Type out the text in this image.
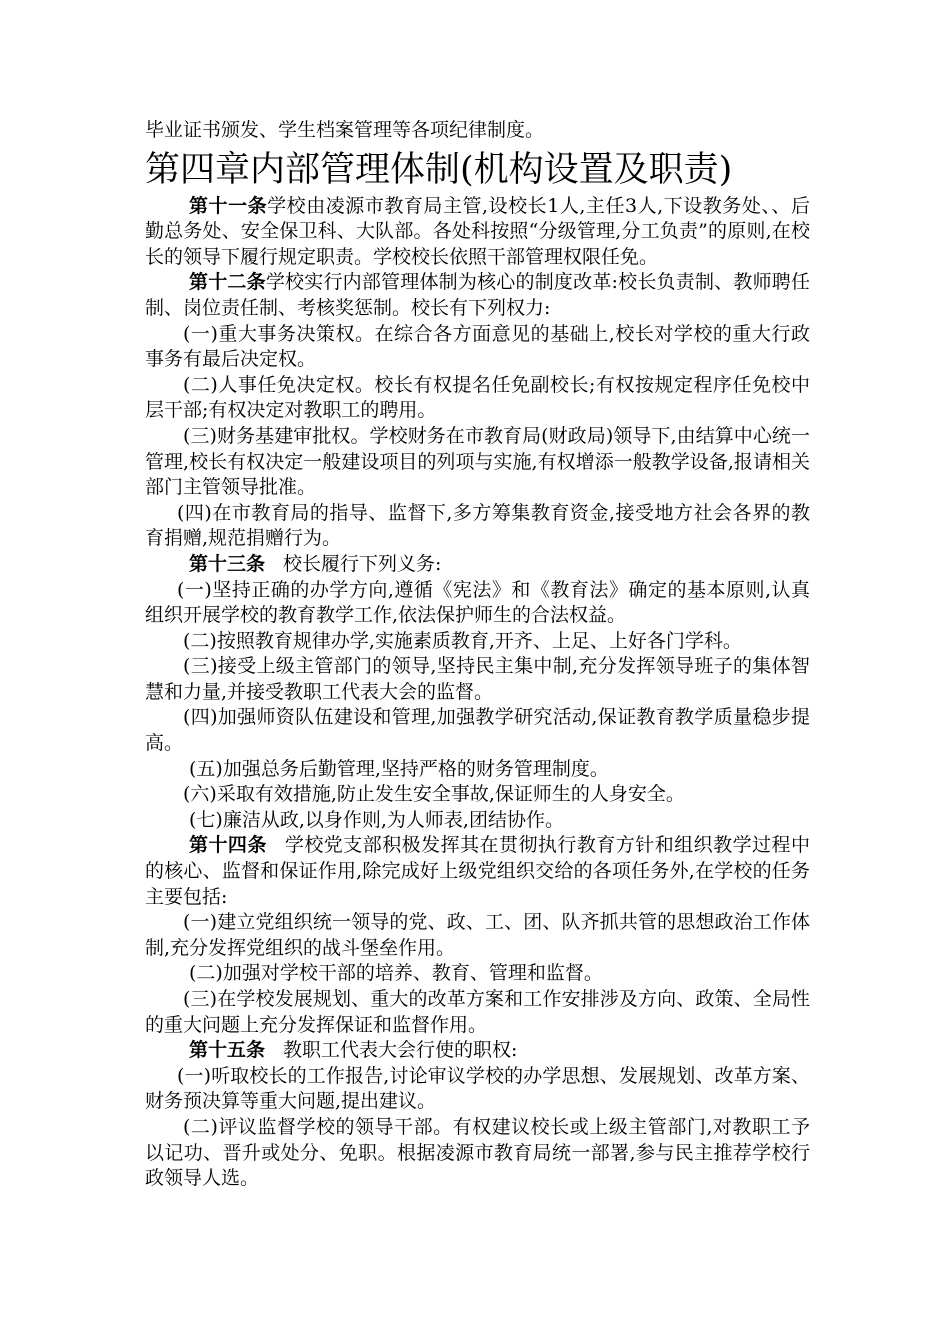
毕业证书颁发、学生档案管理等各项纪律制度。

第四章内部管理体制(机构设置及职责)

第十一条学校由凌源市教育局主管,设校长1人,主任3人,下设教务处、、后勤总务处、安全保卫科、大队部。各处科按照“分级管理,分工负责”的原则,在校长的领导下履行规定职责。学校校长依照干部管理权限任免。

第十二条学校实行内部管理体制为核心的制度改革:校长负责制、教师聘任制、岗位责任制、考核奖惩制。校长有下列权力:

(一)重大事务决策权。在综合各方面意见的基础上,校长对学校的重大行政事务有最后决定权。

(二)人事任免决定权。校长有权提名任免副校长;有权按规定程序任免校中层干部;有权决定对教职工的聘用。

(三)财务基建审批权。学校财务在市教育局(财政局)领导下,由结算中心统一管理,校长有权决定一般建设项目的列项与实施,有权增添一般教学设备,报请相关部门主管领导批准。

(四)在市教育局的指导、监督下,多方筹集教育资金,接受地方社会各界的教育捐赠,规范捐赠行为。

第十三条 校长履行下列义务:

(一)坚持正确的办学方向,遵循《宪法》和《教育法》确定的基本原则,认真组织开展学校的教育教学工作,依法保护师生的合法权益。

(二)按照教育规律办学,实施素质教育,开齐、上足、上好各门学科。

(三)接受上级主管部门的领导,坚持民主集中制,充分发挥领导班子的集体智慧和力量,并接受教职工代表大会的监督。

(四)加强师资队伍建设和管理,加强教学研究活动,保证教育教学质量稳步提高。

(五)加强总务后勤管理,坚持严格的财务管理制度。

(六)采取有效措施,防止发生安全事故,保证师生的人身安全。

(七)廉洁从政,以身作则,为人师表,团结协作。

第十四条 学校党支部积极发挥其在贯彻执行教育方针和组织教学过程中的核心、监督和保证作用,除完成好上级党组织交给的各项任务外,在学校的任务主要包括:

(一)建立党组织统一领导的党、政、工、团、队齐抓共管的思想政治工作体制,充分发挥党组织的战斗堡垒作用。

(二)加强对学校干部的培养、教育、管理和监督。

(三)在学校发展规划、重大的改革方案和工作安排涉及方向、政策、全局性的重大问题上充分发挥保证和监督作用。

第十五条 教职工代表大会行使的职权:

(一)听取校长的工作报告,讨论审议学校的办学思想、发展规划、改革方案、财务预决算等重大问题,提出建议。

(二)评议监督学校的领导干部。有权建议校长或上级主管部门,对教职工予以记功、晋升或处分、免职。根据凌源市教育局统一部署,参与民主推荐学校行政领导人选。
